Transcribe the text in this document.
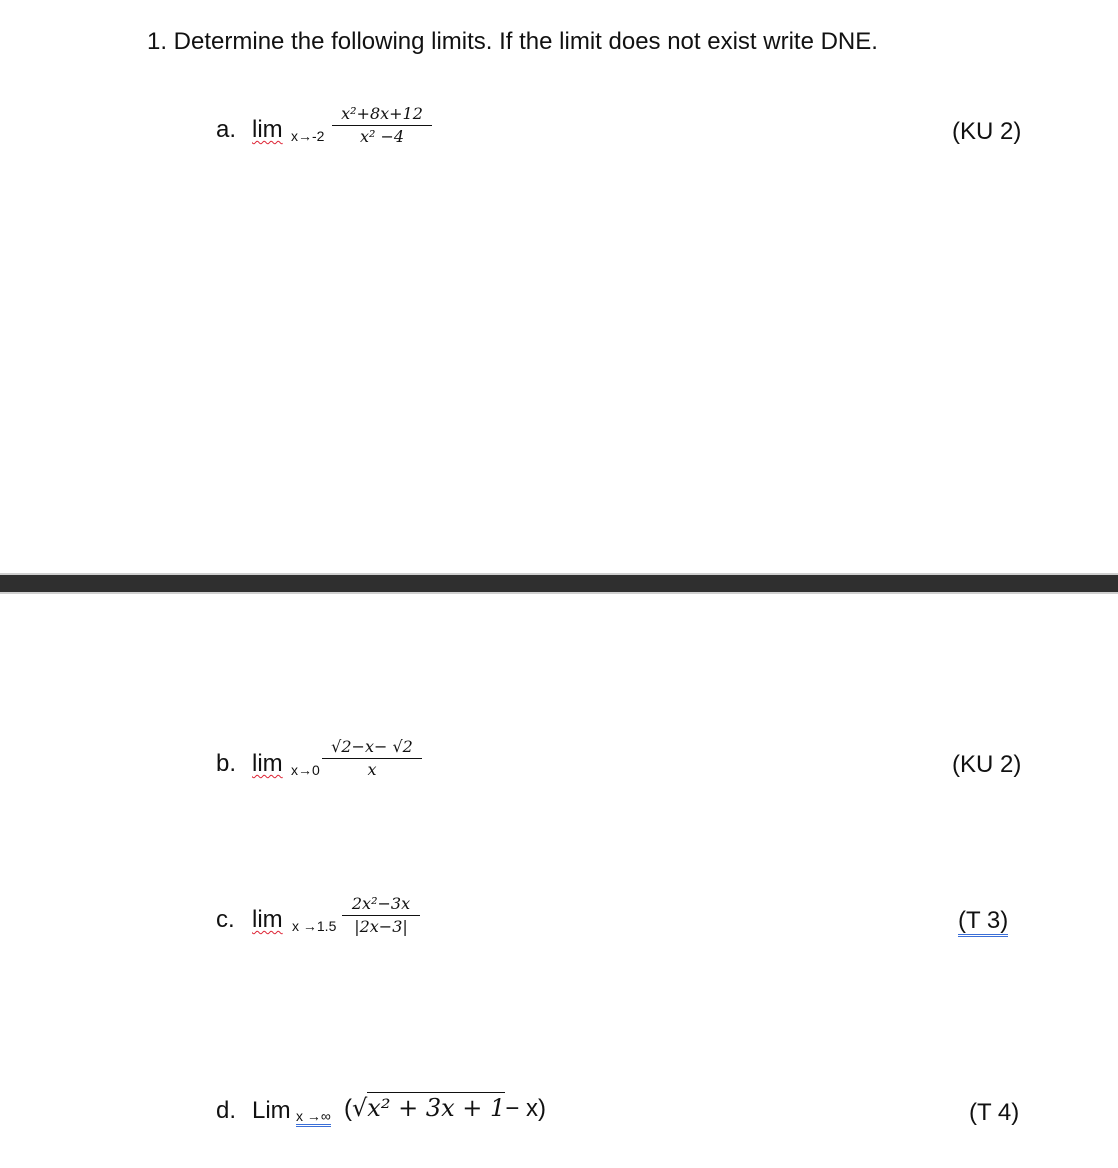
1. Determine the following limits. If the limit does not exist write DNE.
a. lim x→-2
x²+8x+12
x² −4	(KU 2)
b. lim x→0
√2−x− √2
x	(KU 2)
c. lim x →1.5
2x²−3x
|2x−3|	(T 3)
d. Lim x →∞ (√x² + 3x + 1− x)	(T 4)
